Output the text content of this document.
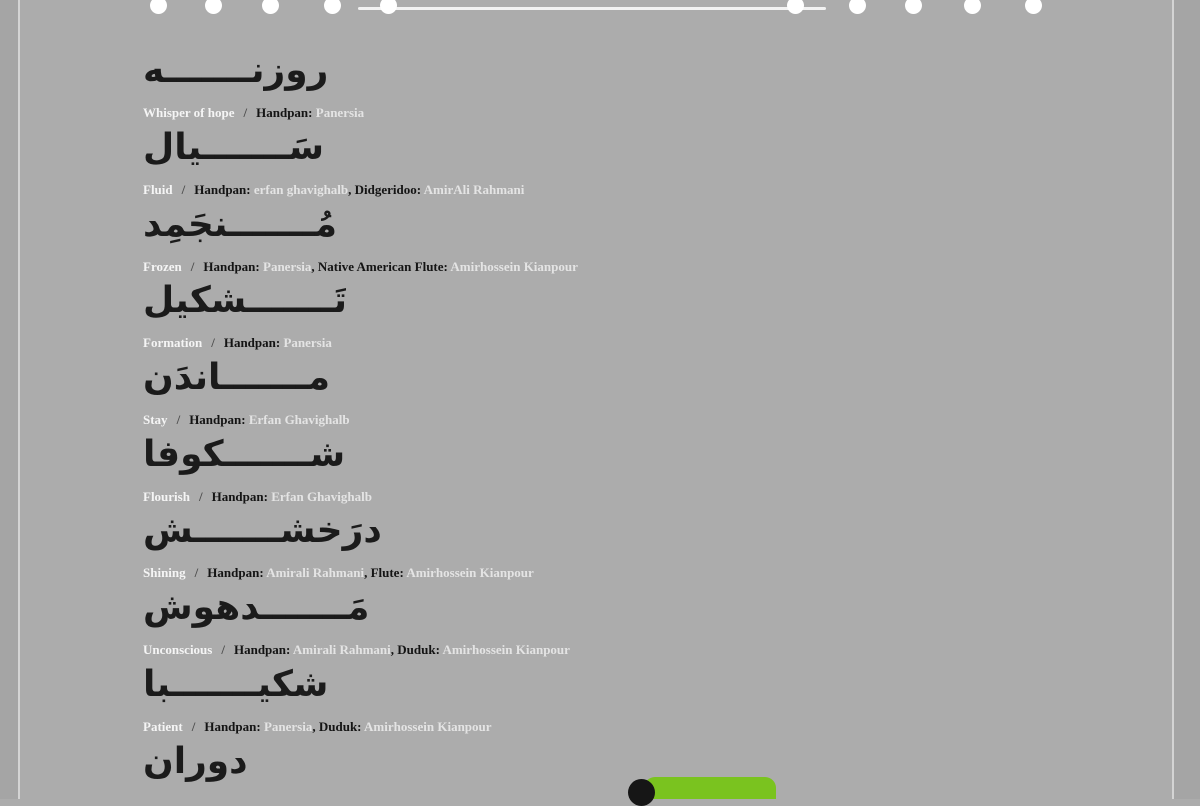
روزنـــــــه
Whisper of hope / Handpan: Panersia
سَـــــــيال
Fluid / Handpan: erfan ghavighalb, Didgeridoo: AmirAli Rahmani
مُـــــــنجَمِد
Frozen / Handpan: Panersia, Native American Flute: Amirhossein Kianpour
تَـــــــشكيل
Formation / Handpan: Panersia
مـــــــاندَن
Stay / Handpan: Erfan Ghavighalb
شـــــــكوفا
Flourish / Handpan: Erfan Ghavighalb
درَخشـــــــش
Shining / Handpan: Amirali Rahmani, Flute: Amirhossein Kianpour
مَـــــــدهوش
Unconscious / Handpan: Amirali Rahmani, Duduk: Amirhossein Kianpour
شكيـــــــبا
Patient / Handpan: Panersia, Duduk: Amirhossein Kianpour
دوران
